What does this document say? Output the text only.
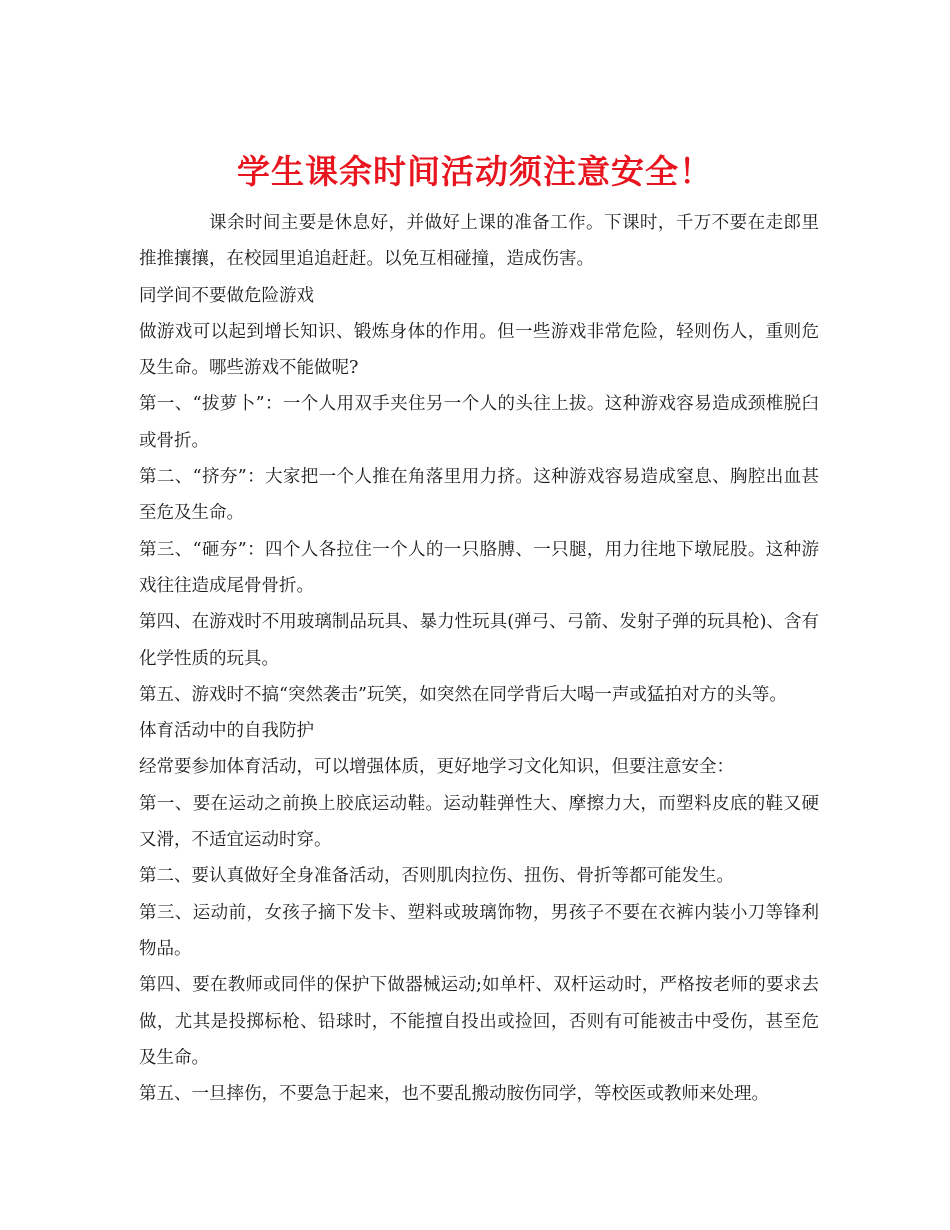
学生课余时间活动须注意安全！

课余时间主要是休息好，并做好上课的准备工作。下课时，千万不要在走郎里推推攘攘，在校园里追追赶赶。以免互相碰撞，造成伤害。

同学间不要做危险游戏

做游戏可以起到增长知识、锻炼身体的作用。但一些游戏非常危险，轻则伤人，重则危及生命。哪些游戏不能做呢?

第一、“拔萝卜”：一个人用双手夹住另一个人的头往上拔。这种游戏容易造成颈椎脱臼或骨折。

第二、“挤夯”：大家把一个人推在角落里用力挤。这种游戏容易造成窒息、胸腔出血甚至危及生命。

第三、“砸夯”：四个人各拉住一个人的一只胳膊、一只腿，用力往地下墩屁股。这种游戏往往造成尾骨骨折。

第四、在游戏时不用玻璃制品玩具、暴力性玩具(弹弓、弓箭、发射子弹的玩具枪)、含有化学性质的玩具。

第五、游戏时不搞“突然袭击”玩笑，如突然在同学背后大喝一声或猛拍对方的头等。

体育活动中的自我防护

经常要参加体育活动，可以增强体质，更好地学习文化知识，但要注意安全：

第一、要在运动之前换上胶底运动鞋。运动鞋弹性大、摩擦力大，而塑料皮底的鞋又硬又滑，不适宜运动时穿。

第二、要认真做好全身准备活动，否则肌肉拉伤、扭伤、骨折等都可能发生。

第三、运动前，女孩子摘下发卡、塑料或玻璃饰物，男孩子不要在衣裤内装小刀等锋利物品。

第四、要在教师或同伴的保护下做器械运动;如单杆、双杆运动时，严格按老师的要求去做，尤其是投掷标枪、铅球时，不能擅自投出或捡回，否则有可能被击中受伤，甚至危及生命。

第五、一旦摔伤，不要急于起来，也不要乱搬动胺伤同学，等校医或教师来处理。
